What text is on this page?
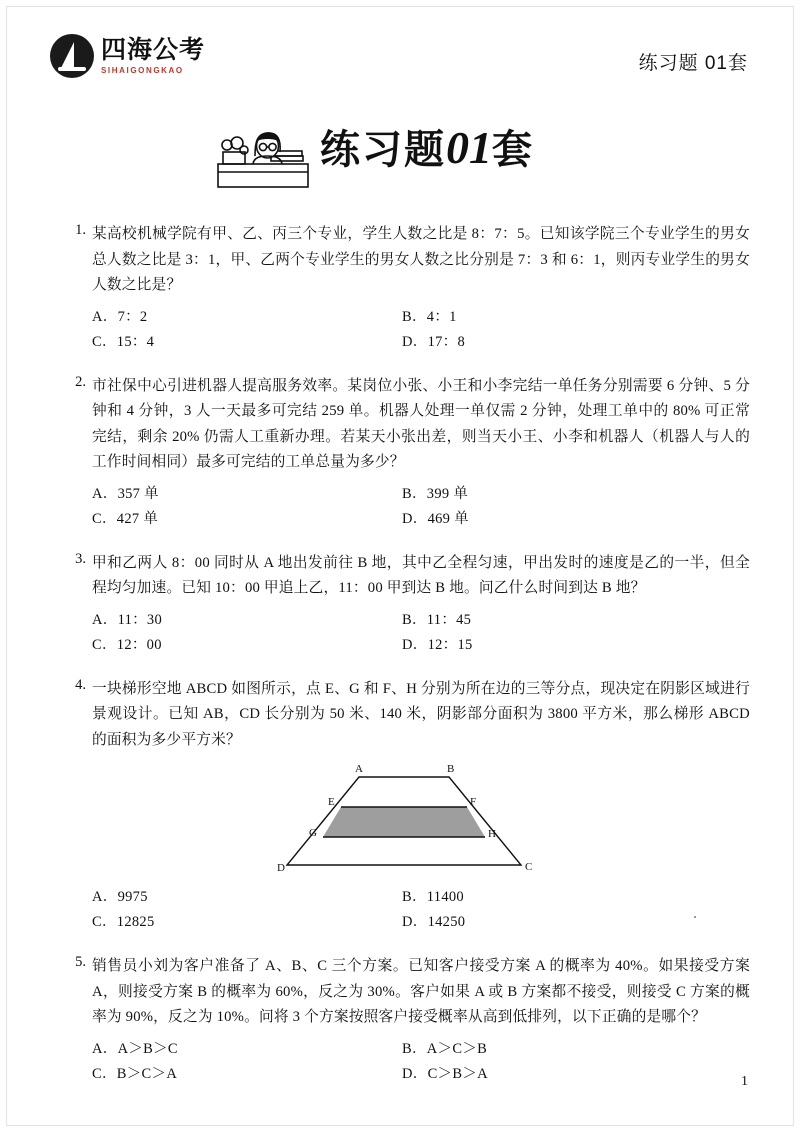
四海公考
SIHAIGONGKAO	练习题 01套
练习题01套
1. 某高校机械学院有甲、乙、丙三个专业，学生人数之比是 8：7：5。已知该学院三个专业学生的男女总人数之比是 3：1，甲、乙两个专业学生的男女人数之比分别是 7：3 和 6：1，则丙专业学生的男女人数之比是？
A．7：2	B．4：1
C．15：4	D．17：8
2. 市社保中心引进机器人提高服务效率。某岗位小张、小王和小李完结一单任务分别需要 6 分钟、5 分钟和 4 分钟，3 人一天最多可完结 259 单。机器人处理一单仅需 2 分钟，处理工单中的 80% 可正常完结，剩余 20% 仍需人工重新办理。若某天小张出差，则当天小王、小李和机器人（机器人与人的工作时间相同）最多可完结的工单总量为多少？
A．357 单	B．399 单
C．427 单	D．469 单
3. 甲和乙两人 8：00 同时从 A 地出发前往 B 地，其中乙全程匀速，甲出发时的速度是乙的一半，但全程均匀加速。已知 10：00 甲追上乙，11：00 甲到达 B 地。问乙什么时间到达 B 地？
A．11：30	B．11：45
C．12：00	D．12：15
4. 一块梯形空地 ABCD 如图所示，点 E、G 和 F、H 分别为所在边的三等分点，现决定在阴影区域进行景观设计。已知 AB，CD 长分别为 50 米、140 米，阴影部分面积为 3800 平方米，那么梯形 ABCD 的面积为多少平方米？
A	B
C
D
E	F
G	H
A．9975	B．11400
C．12825	D．14250
5. 销售员小刘为客户准备了 A、B、C 三个方案。已知客户接受方案 A 的概率为 40%。如果接受方案 A，则接受方案 B 的概率为 60%，反之为 30%。客户如果 A 或 B 方案都不接受，则接受 C 方案的概率为 90%，反之为 10%。问将 3 个方案按照客户接受概率从高到低排列，以下正确的是哪个？
A．A＞B＞C	B．A＞C＞B
C．B＞C＞A	D．C＞B＞A	1
